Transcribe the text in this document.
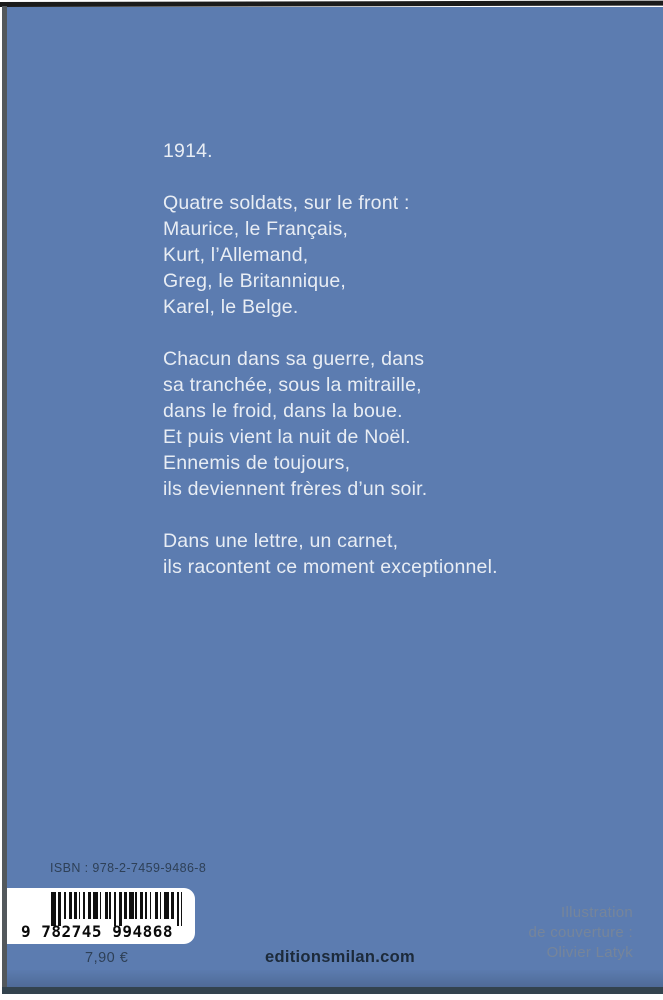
1914.
Quatre soldats, sur le front :
Maurice, le Français,
Kurt, l’Allemand,
Greg, le Britannique,
Karel, le Belge.
Chacun dans sa guerre, dans
sa tranchée, sous la mitraille,
dans le froid, dans la boue.
Et puis vient la nuit de Noël.
Ennemis de toujours,
ils deviennent frères d’un soir.
Dans une lettre, un carnet,
ils racontent ce moment exceptionnel.
ISBN : 978-2-7459-9486-8
9 782745 994868
7,90 €	editionsmilan.com
Illustration
de couverture :
Olivier Latyk
